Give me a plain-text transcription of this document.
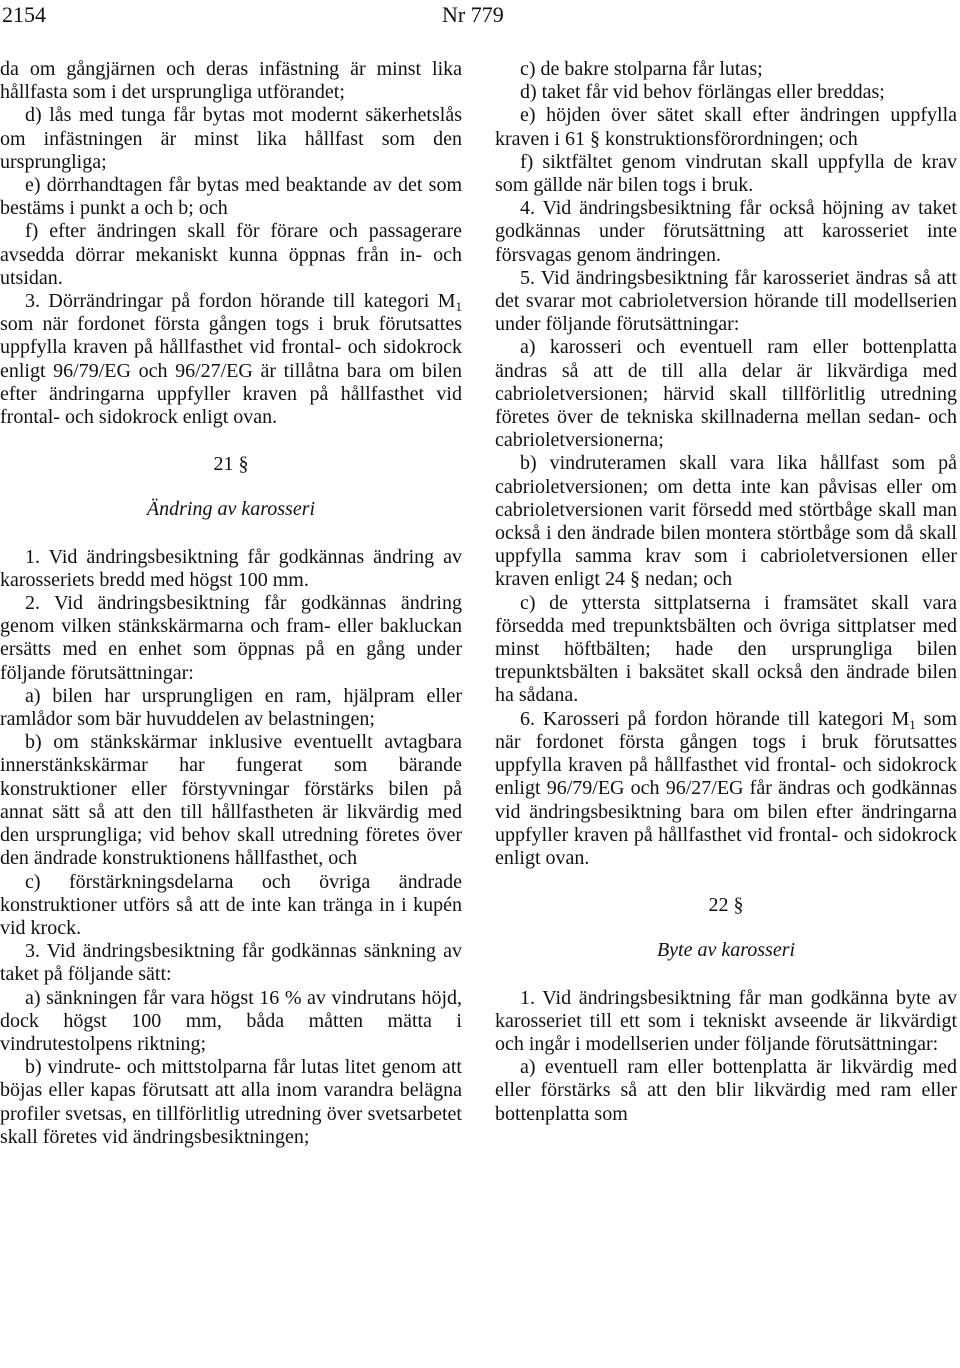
2154	Nr 779

da om gångjärnen och deras infästning är minst lika hållfasta som i det ursprungliga utförandet;

d) lås med tunga får bytas mot modernt säkerhetslås om infästningen är minst lika hållfast som den ursprungliga;

e) dörrhandtagen får bytas med beaktande av det som bestäms i punkt a och b; och

f) efter ändringen skall för förare och passagerare avsedda dörrar mekaniskt kunna öppnas från in- och utsidan.

3. Dörrändringar på fordon hörande till kategori $M_1$ som när fordonet första gången togs i bruk förutsattes uppfylla kraven på hållfasthet vid frontal- och sidokrock enligt 96/79/EG och 96/27/EG är tillåtna bara om bilen efter ändringarna uppfyller kraven på hållfasthet vid frontal- och sidokrock enligt ovan.

21 §

Ändring av karosseri

1. Vid ändringsbesiktning får godkännas ändring av karosseriets bredd med högst 100 mm.

2. Vid ändringsbesiktning får godkännas ändring genom vilken stänkskärmarna och fram- eller bakluckan ersätts med en enhet som öppnas på en gång under följande förutsättningar:

a) bilen har ursprungligen en ram, hjälpram eller ramlådor som bär huvuddelen av belastningen;

b) om stänkskärmar inklusive eventuellt avtagbara innerstänkskärmar har fungerat som bärande konstruktioner eller förstyvningar förstärks bilen på annat sätt så att den till hållfastheten är likvärdig med den ursprungliga; vid behov skall utredning företes över den ändrade konstruktionens hållfasthet, och

c) förstärkningsdelarna och övriga ändrade konstruktioner utförs så att de inte kan tränga in i kupén vid krock.

3. Vid ändringsbesiktning får godkännas sänkning av taket på följande sätt:

a) sänkningen får vara högst 16 % av vindrutans höjd, dock högst 100 mm, båda måtten mätta i vindrutestolpens riktning;

b) vindrute- och mittstolparna får lutas litet genom att böjas eller kapas förutsatt att alla inom varandra belägna profiler svetsas, en tillförlitlig utredning över svetsarbetet skall företes vid ändringsbesiktningen;

c) de bakre stolparna får lutas;

d) taket får vid behov förlängas eller breddas;

e) höjden över sätet skall efter ändringen uppfylla kraven i 61 § konstruktionsförordningen; och

f) siktfältet genom vindrutan skall uppfylla de krav som gällde när bilen togs i bruk.

4. Vid ändringsbesiktning får också höjning av taket godkännas under förutsättning att karosseriet inte försvagas genom ändringen.

5. Vid ändringsbesiktning får karosseriet ändras så att det svarar mot cabrioletversion hörande till modellserien under följande förutsättningar:

a) karosseri och eventuell ram eller bottenplatta ändras så att de till alla delar är likvärdiga med cabrioletversionen; härvid skall tillförlitlig utredning företes över de tekniska skillnaderna mellan sedan- och cabrioletversionerna;

b) vindruteramen skall vara lika hållfast som på cabrioletversionen; om detta inte kan påvisas eller om cabrioletversionen varit försedd med störtbåge skall man också i den ändrade bilen montera störtbåge som då skall uppfylla samma krav som i cabrioletversionen eller kraven enligt 24 § nedan; och

c) de yttersta sittplatserna i framsätet skall vara försedda med trepunktsbälten och övriga sittplatser med minst höftbälten; hade den ursprungliga bilen trepunktsbälten i baksätet skall också den ändrade bilen ha sådana.

6. Karosseri på fordon hörande till kategori $M_1$ som när fordonet första gången togs i bruk förutsattes uppfylla kraven på hållfasthet vid frontal- och sidokrock enligt 96/79/EG och 96/27/EG får ändras och godkännas vid ändringsbesiktning bara om bilen efter ändringarna uppfyller kraven på hållfasthet vid frontal- och sidokrock enligt ovan.

22 §

Byte av karosseri

1. Vid ändringsbesiktning får man godkänna byte av karosseriet till ett som i tekniskt avseende är likvärdigt och ingår i modellserien under följande förutsättningar:

a) eventuell ram eller bottenplatta är likvärdig med eller förstärks så att den blir likvärdig med ram eller bottenplatta som
